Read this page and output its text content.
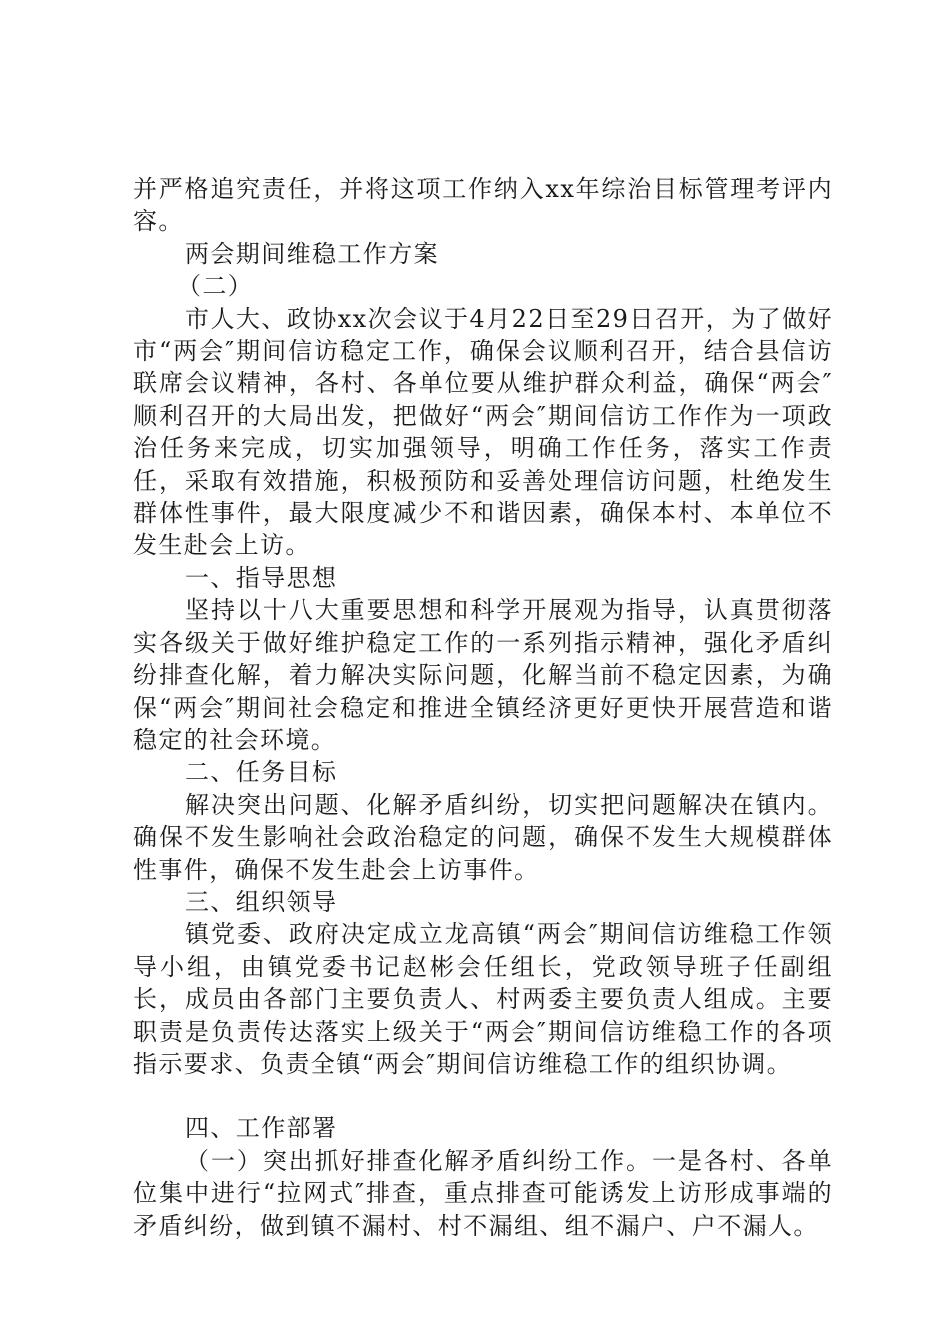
并严格追究责任，并将这项工作纳入xx年综治目标管理考评内容。

两会期间维稳工作方案

（二）

市人大、政协xx次会议于4月22日至29日召开，为了做好市“两会″期间信访稳定工作，确保会议顺利召开，结合县信访联席会议精神，各村、各单位要从维护群众利益，确保“两会″顺利召开的大局出发，把做好“两会″期间信访工作作为一项政治任务来完成，切实加强领导，明确工作任务，落实工作责任，采取有效措施，积极预防和妥善处理信访问题，杜绝发生群体性事件，最大限度减少不和谐因素，确保本村、本单位不发生赴会上访。

一、指导思想

坚持以十八大重要思想和科学开展观为指导，认真贯彻落实各级关于做好维护稳定工作的一系列指示精神，强化矛盾纠纷排查化解，着力解决实际问题，化解当前不稳定因素，为确保“两会″期间社会稳定和推进全镇经济更好更快开展营造和谐稳定的社会环境。

二、任务目标

解决突出问题、化解矛盾纠纷，切实把问题解决在镇内。确保不发生影响社会政治稳定的问题，确保不发生大规模群体性事件，确保不发生赴会上访事件。

三、组织领导

镇党委、政府决定成立龙高镇“两会″期间信访维稳工作领导小组，由镇党委书记赵彬会任组长，党政领导班子任副组长，成员由各部门主要负责人、村两委主要负责人组成。主要职责是负责传达落实上级关于“两会″期间信访维稳工作的各项指示要求、负责全镇“两会″期间信访维稳工作的组织协调。

四、工作部署

（一）突出抓好排查化解矛盾纠纷工作。一是各村、各单位集中进行“拉网式″排查，重点排查可能诱发上访形成事端的矛盾纠纷，做到镇不漏村、村不漏组、组不漏户、户不漏人。
